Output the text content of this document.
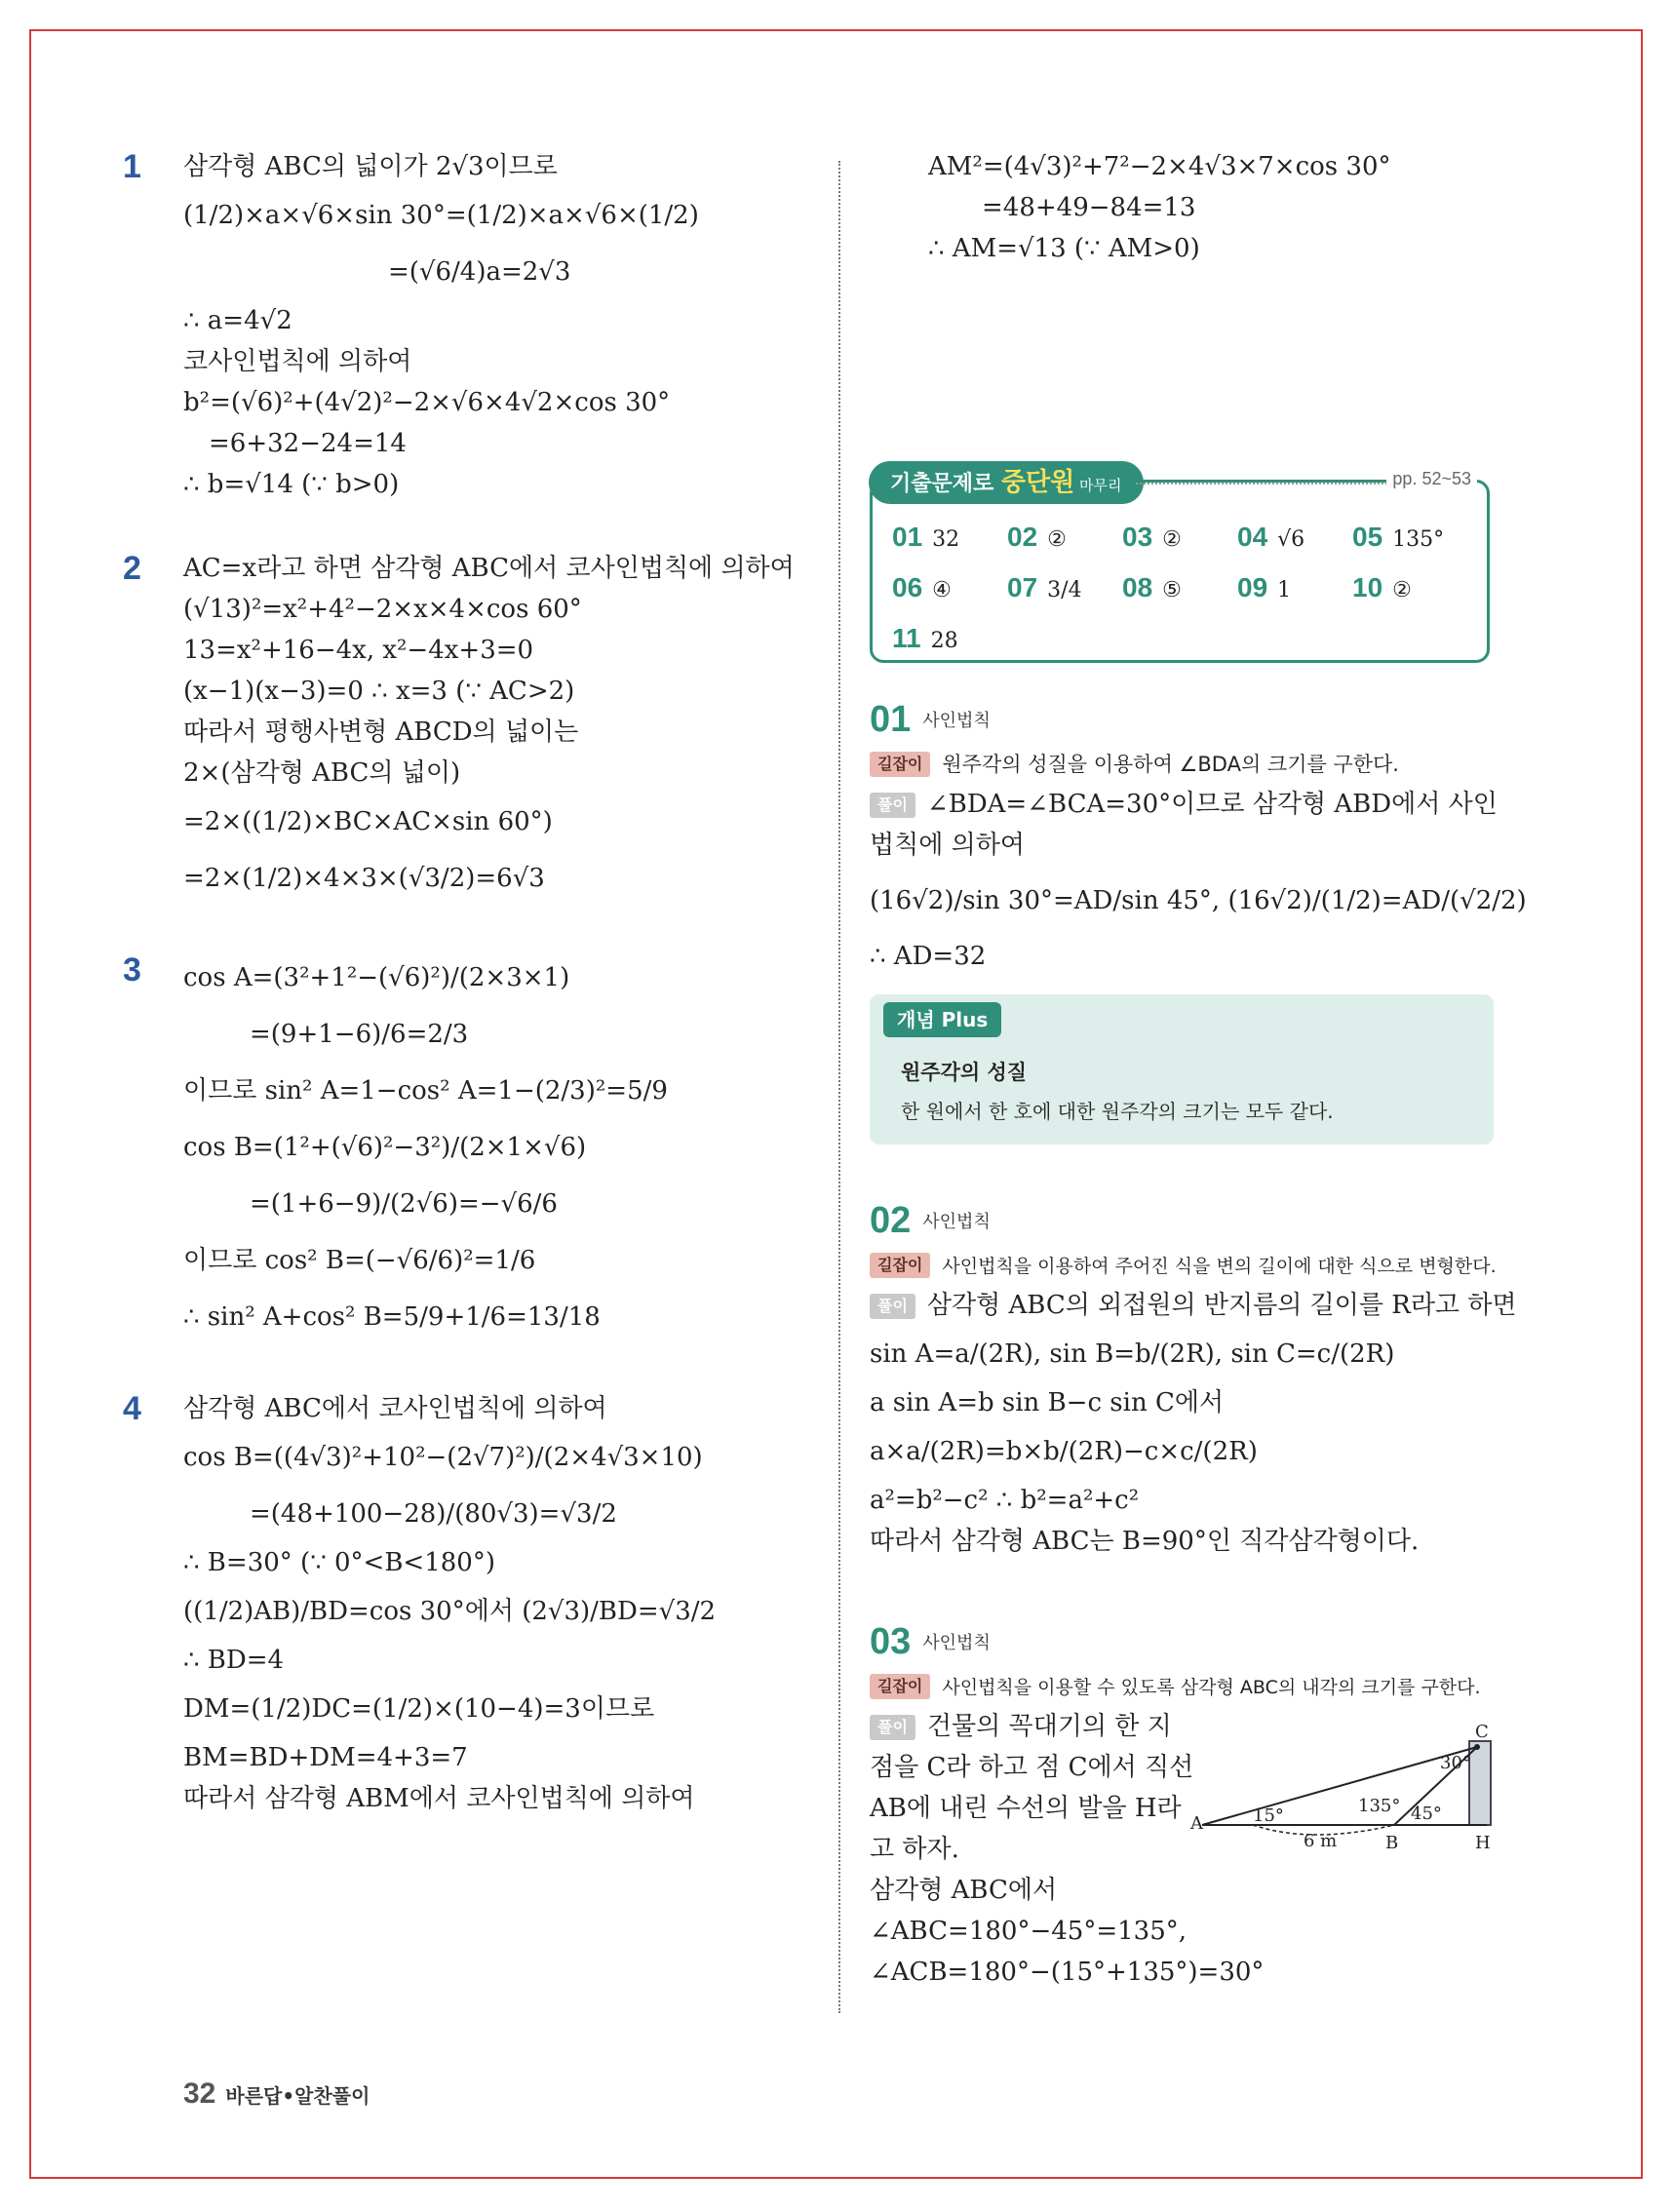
1 삼각형 ABC의 넓이가 2√3이므로
(1/2)×a×√6×sin 30°=(1/2)×a×√6×(1/2)
=(√6/4)a=2√3
∴ a=4√2
코사인법칙에 의하여
b²=(√6)²+(4√2)²−2×√6×4√2×cos 30°
=6+32−24=14
∴ b=√14 (∵ b>0)
2 AC=x라고 하면 삼각형 ABC에서 코사인법칙에 의하여
(√13)²=x²+4²−2×x×4×cos 60°
13=x²+16−4x, x²−4x+3=0
(x−1)(x−3)=0 ∴ x=3 (∵ AC>2)
따라서 평행사변형 ABCD의 넓이는
2×(삼각형 ABC의 넓이)
=2×((1/2)×BC×AC×sin 60°)
=2×(1/2)×4×3×(√3/2)=6√3
3 cos A=(3²+1²−(√6)²)/(2×3×1)
=(9+1−6)/6=2/3
이므로 sin² A=1−cos² A=1−(2/3)²=5/9
cos B=(1²+(√6)²−3²)/(2×1×√6)
=(1+6−9)/(2√6)=−√6/6
이므로 cos² B=(−√6/6)²=1/6
∴ sin² A+cos² B=5/9+1/6=13/18
4 삼각형 ABC에서 코사인법칙에 의하여
cos B=((4√3)²+10²−(2√7)²)/(2×4√3×10)
=(48+100−28)/(80√3)=√3/2
∴ B=30° (∵ 0°<B<180°)
((1/2)AB)/BD=cos 30°에서 (2√3)/BD=√3/2
∴ BD=4
DM=(1/2)DC=(1/2)×(10−4)=3이므로
BM=BD+DM=4+3=7
따라서 삼각형 ABM에서 코사인법칙에 의하여
AM²=(4√3)²+7²−2×4√3×7×cos 30°
=48+49−84=13
∴ AM=√13 (∵ AM>0)
기출문제로 중단원 마무리	pp. 52~53
01 32	02 ②	03 ②	04 √6	05 135°
06 ④	07 3/4	08 ⑤	09 1	10 ②
11 28
01 사인법칙
길잡이 원주각의 성질을 이용하여 ∠BDA의 크기를 구한다.
풀이 ∠BDA=∠BCA=30°이므로 삼각형 ABD에서 사인
법칙에 의하여
(16√2)/sin 30°=AD/sin 45°, (16√2)/(1/2)=AD/(√2/2)
∴ AD=32
개념 Plus
원주각의 성질
한 원에서 한 호에 대한 원주각의 크기는 모두 같다.
02 사인법칙
길잡이 사인법칙을 이용하여 주어진 식을 변의 길이에 대한 식으로 변형한다.
풀이 삼각형 ABC의 외접원의 반지름의 길이를 R라고 하면
sin A=a/(2R), sin B=b/(2R), sin C=c/(2R)
a sin A=b sin B−c sin C에서
a×a/(2R)=b×b/(2R)−c×c/(2R)
a²=b²−c² ∴ b²=a²+c²
따라서 삼각형 ABC는 B=90°인 직각삼각형이다.
03 사인법칙
길잡이 사인법칙을 이용할 수 있도록 삼각형 ABC의 내각의 크기를 구한다.
풀이 건물의 꼭대기의 한 지
점을 C라 하고 점 C에서 직선
AB에 내린 수선의 발을 H라
고 하자.
삼각형 ABC에서
∠ABC=180°−45°=135°,
∠ACB=180°−(15°+135°)=30°
A
B
C
H
15°	135° 45°
30°
6 m
32 바른답•알찬풀이
